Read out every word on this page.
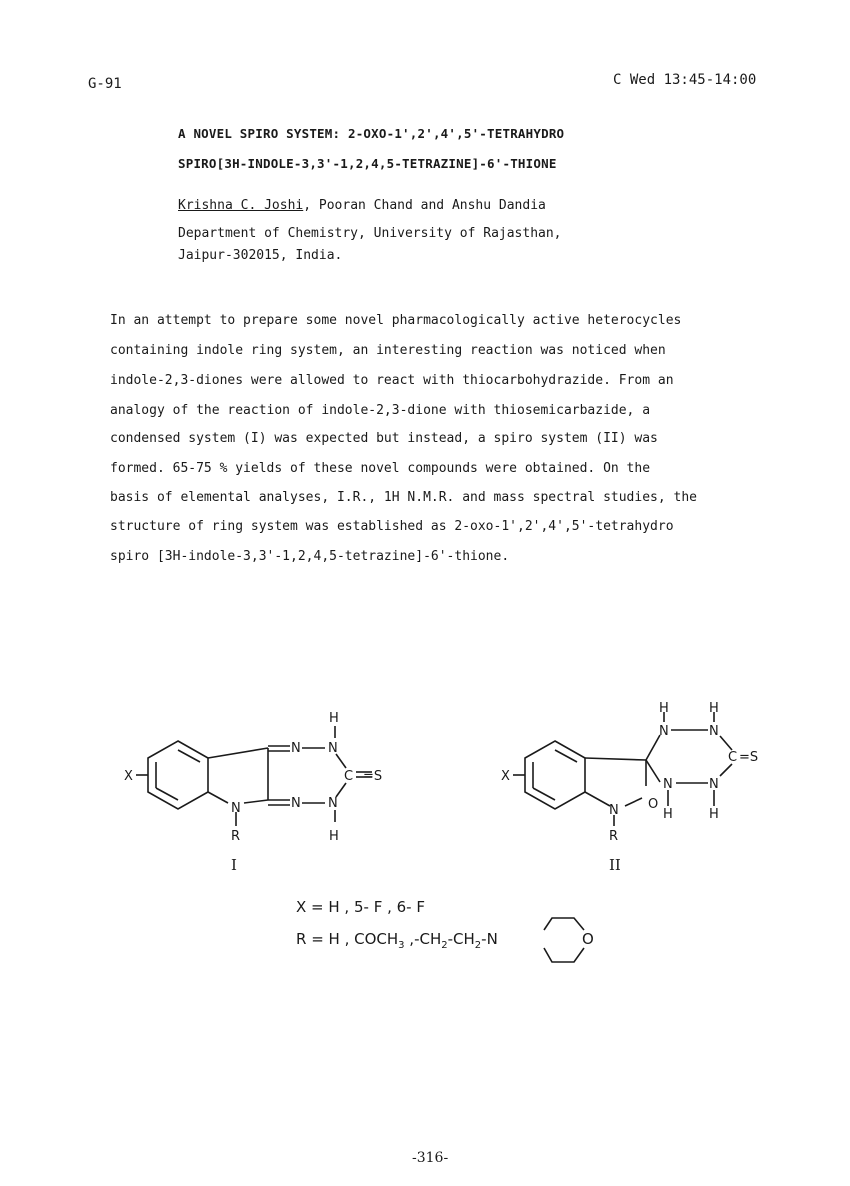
G-91	C Wed 13:45-14:00
A NOVEL SPIRO SYSTEM: 2-OXO-1',2',4',5'-TETRAHYDRO
SPIRO[3H-INDOLE-3,3'-1,2,4,5-TETRAZINE]-6'-THIONE
Krishna C. Joshi, Pooran Chand and Anshu Dandia
Department of Chemistry, University of Rajasthan,
Jaipur-302015, India.
In an attempt to prepare some novel pharmacologically active heterocycles
containing indole ring system, an interesting reaction was noticed when
indole-2,3-diones were allowed to react with thiocarbohydrazide. From an
analogy of the reaction of indole-2,3-dione with thiosemicarbazide, a
condensed system (I) was expected but instead, a spiro system (II) was
formed. 65-75 % yields of these novel compounds were obtained. On the
basis of elemental analyses, I.R., 1H N.M.R. and mass spectral studies, the
structure of ring system was established as 2-oxo-1',2',4',5'-tetrahydro
spiro [3H-indole-3,3'-1,2,4,5-tetrazine]-6'-thione.
X
N
R
N N
H
C =S
N N
H
I
X
N
R
O
H
N
H
N
C =S
N
H
N
H
II
X = H , 5- F , 6- F
R = H , $COCH_3$ $,-CH_2-CH_2-N$	O
-316-
